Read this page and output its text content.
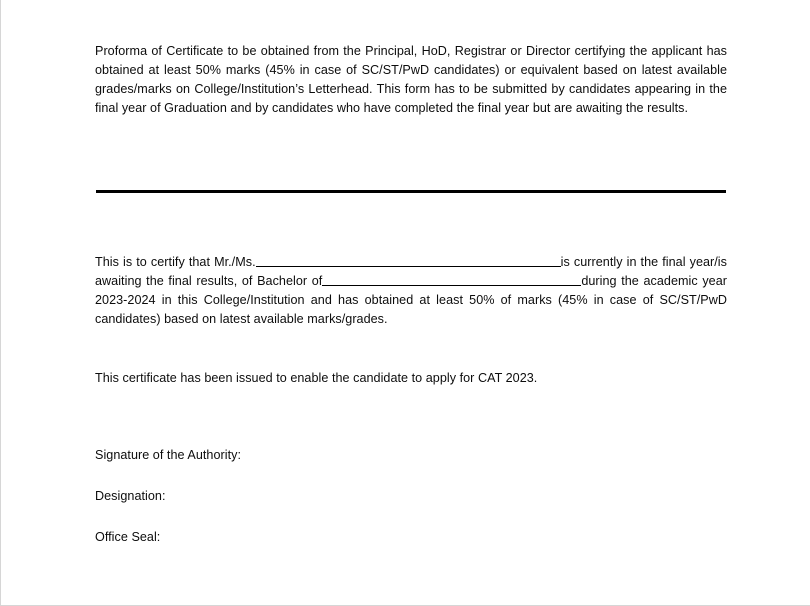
Proforma of Certificate to be obtained from the Principal, HoD, Registrar or Director certifying the applicant has obtained at least 50% marks (45% in case of SC/ST/PwD candidates) or equivalent based on latest available grades/marks on College/Institution’s Letterhead. This form has to be submitted by candidates appearing in the final year of Graduation and by candidates who have completed the final year but are awaiting the results.

This is to certify that Mr./Ms.	is currently in the final year/is awaiting the final results, of Bachelor of	during the academic year 2023-2024 in this College/Institution and has obtained at least 50% of marks (45% in case of SC/ST/PwD candidates) based on latest available marks/grades.

This certificate has been issued to enable the candidate to apply for CAT 2023.

Signature of the Authority:

Designation:

Office Seal:
